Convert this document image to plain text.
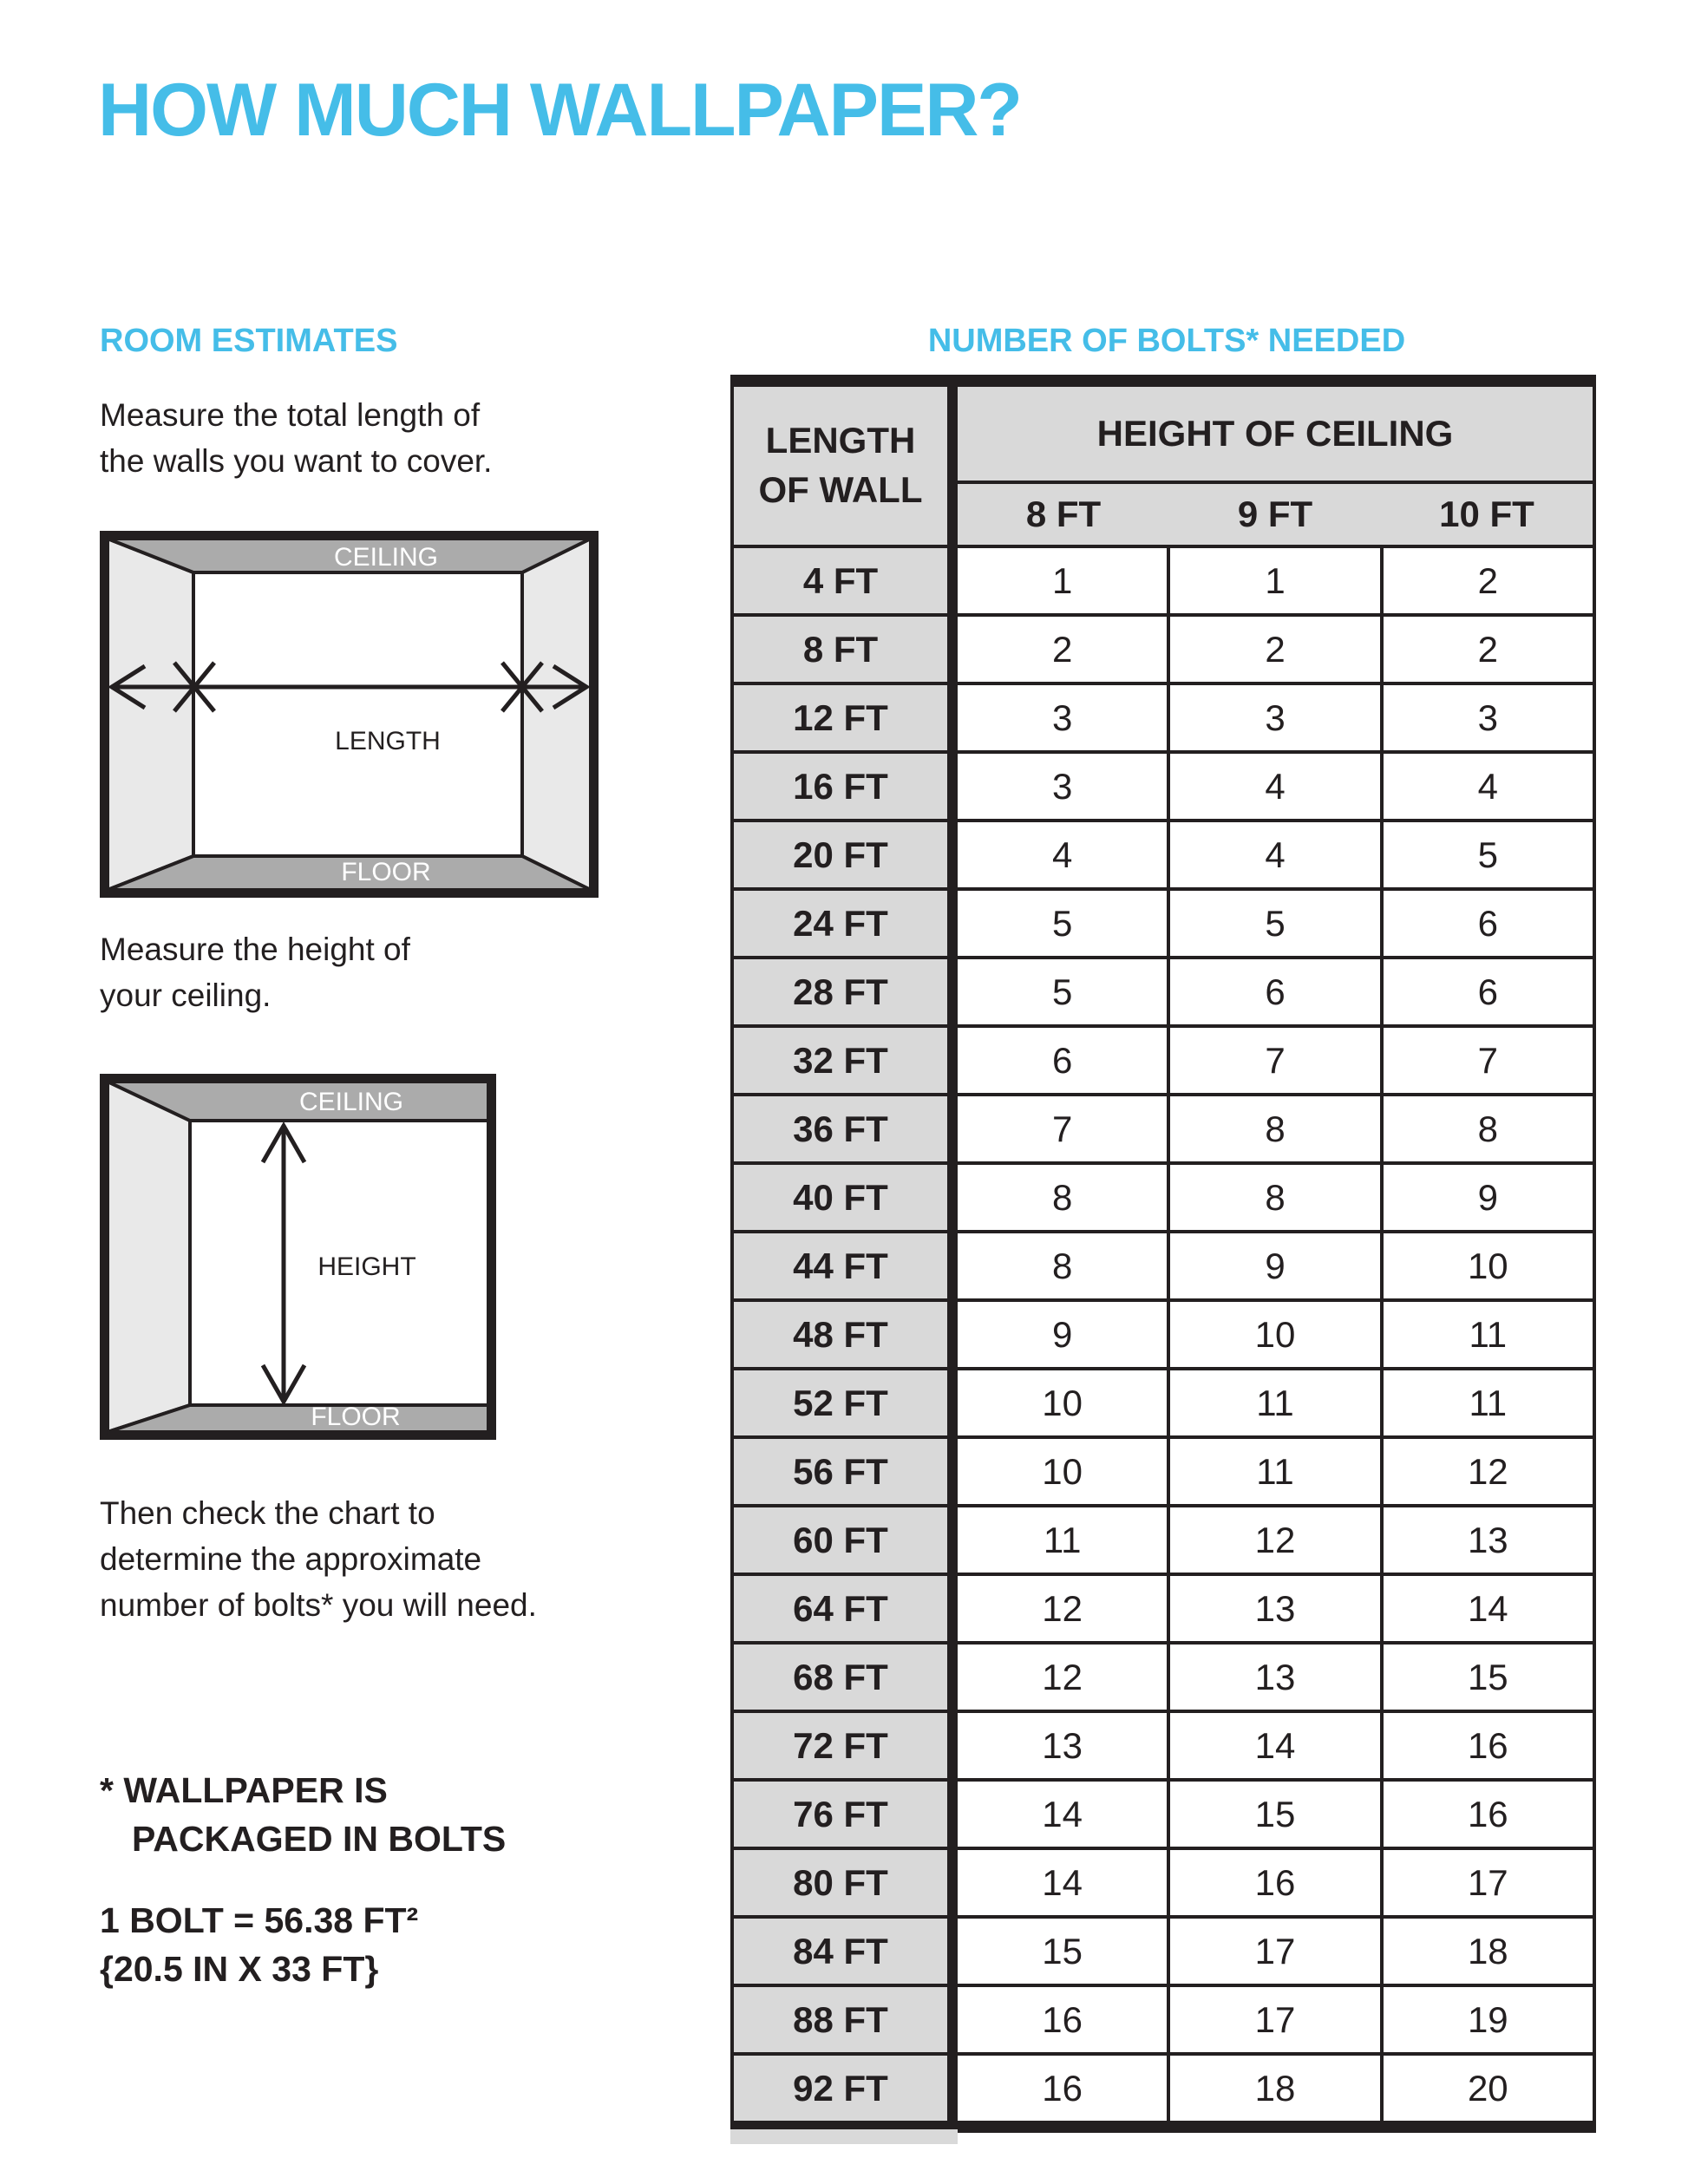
HOW MUCH WALLPAPER?
ROOM ESTIMATES	NUMBER OF BOLTS* NEEDED
Measure the total length of
the walls you want to cover.
CEILING
FLOOR
LENGTH
Measure the height of
your ceiling.
CEILING
FLOOR
HEIGHT
Then check the chart to
determine the approximate
number of bolts* you will need.
* WALLPAPER IS
PACKAGED IN BOLTS
1 BOLT = 56.38 FT²
{20.5 IN X 33 FT}
LENGTH
OF WALL
HEIGHT OF CEILING
8 FT	9 FT	10 FT
4 FT	1	1	2
8 FT	2	2	2
12 FT	3	3	3
16 FT	3	4	4
20 FT	4	4	5
24 FT	5	5	6
28 FT	5	6	6
32 FT	6	7	7
36 FT	7	8	8
40 FT	8	8	9
44 FT	8	9	10
48 FT	9	10	11
52 FT	10	11	11
56 FT	10	11	12
60 FT	11	12	13
64 FT	12	13	14
68 FT	12	13	15
72 FT	13	14	16
76 FT	14	15	16
80 FT	14	16	17
84 FT	15	17	18
88 FT	16	17	19
92 FT	16	18	20
